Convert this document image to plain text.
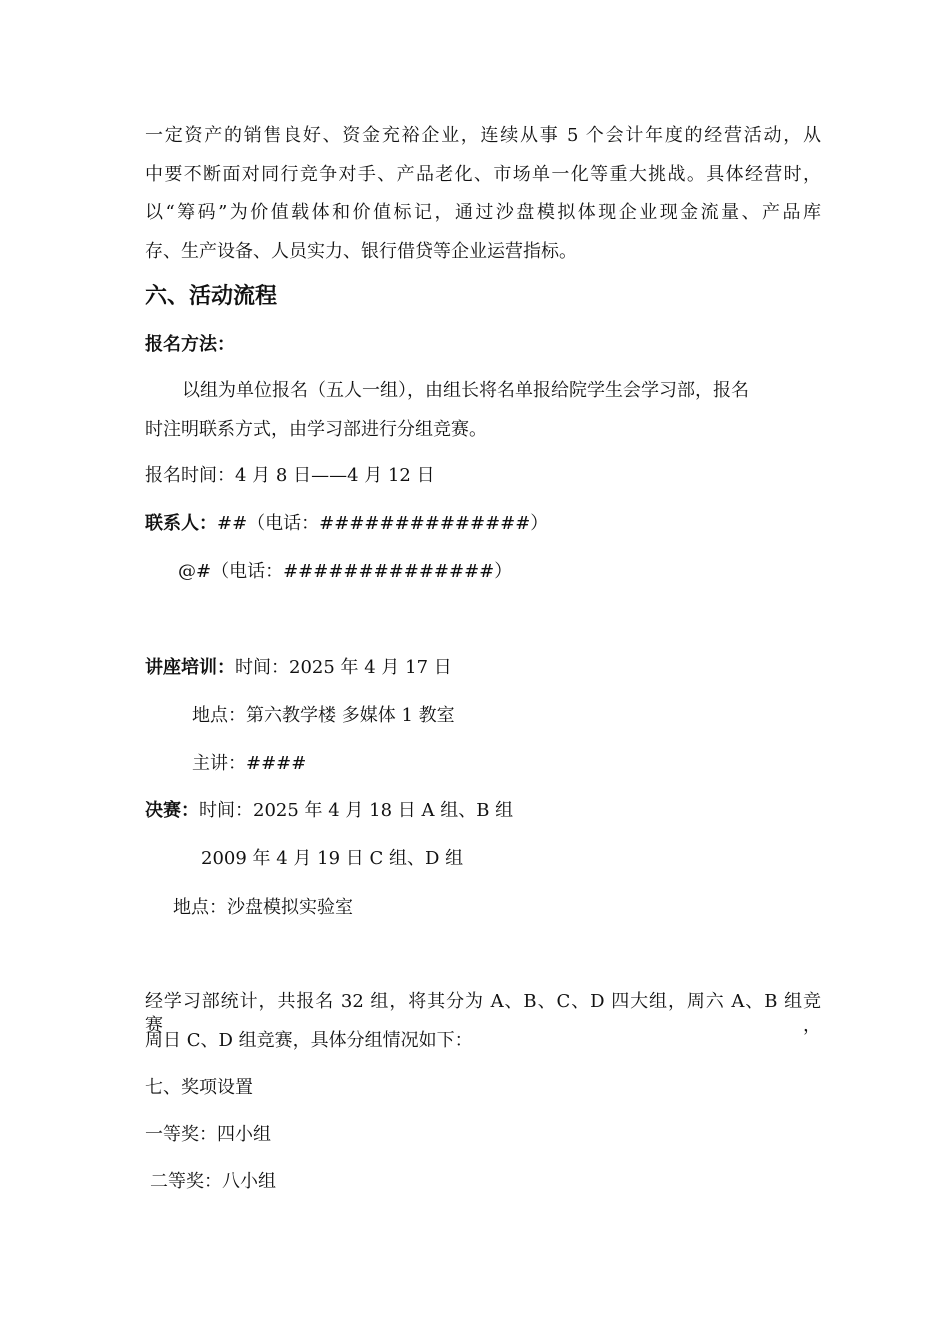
一定资产的销售良好、资金充裕企业，连续从事 5 个会计年度的经营活动，从
中要不断面对同行竞争对手、产品老化、市场单一化等重大挑战。具体经营时，
以“筹码”为价值载体和价值标记，通过沙盘模拟体现企业现金流量、产品库
存、生产设备、人员实力、银行借贷等企业运营指标。
六、活动流程
报名方法：
以组为单位报名（五人一组），由组长将名单报给院学生会学习部，报名
时注明联系方式，由学习部进行分组竞赛。
报名时间：4 月 8 日——4 月 12 日
联系人：##（电话：##############）
@#（电话：##############）
讲座培训：时间：2025 年 4 月 17 日
地点：第六教学楼 多媒体 1 教室
主讲：####
决赛：时间：2025 年 4 月 18 日 A 组、B 组
2009 年 4 月 19 日 C 组、D 组
地点：沙盘模拟实验室
经学习部统计，共报名 32 组，将其分为 A、B、C、D 四大组，周六 A、B 组竞赛，
周日 C、D 组竞赛，具体分组情况如下：
七、奖项设置
一等奖：四小组
二等奖：八小组
